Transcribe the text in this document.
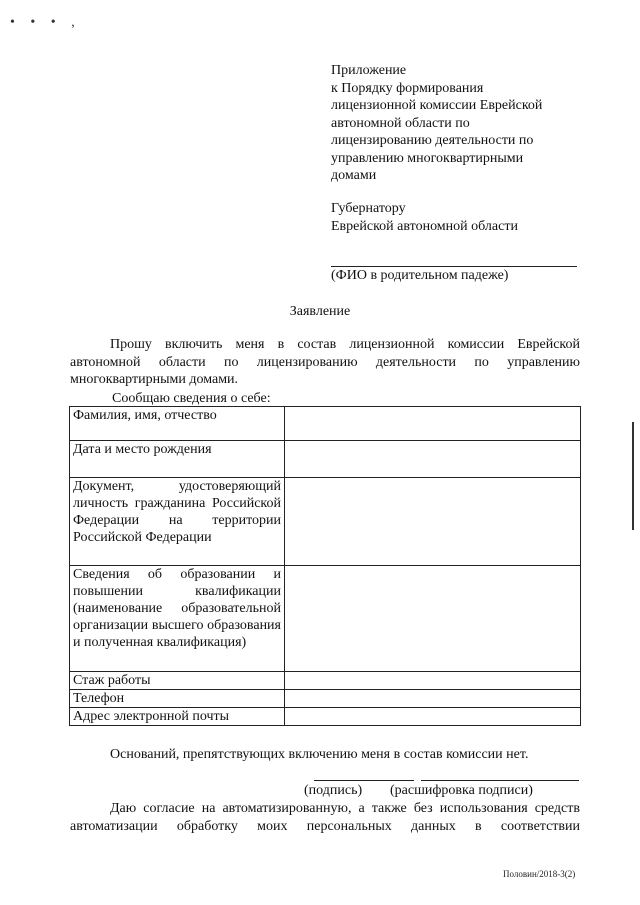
• • • ,
Приложение
к Порядку формирования
лицензионной комиссии Еврейской
автономной области по
лицензированию деятельности по
управлению многоквартирными
домами
Губернатору
Еврейской автономной области
(ФИО в родительном падеже)
Заявление
Прошу включить меня в состав лицензионной комиссии Еврейской автономной области по лицензированию деятельности по управлению многоквартирными домами.
Сообщаю сведения о себе:
Фамилия, имя, отчество	
Дата и место рождения	
Документ, удостоверяющий личность гражданина Российской Федерации на территории Российской Федерации	
Сведения об образовании и повышении квалификации (наименование образовательной организации высшего образования и полученная квалификация)	
Стаж работы	
Телефон	
Адрес электронной почты	
Оснований, препятствующих включению меня в состав комиссии нет.
(подпись) (расшифровка подписи)
Даю согласие на автоматизированную, а также без использования средств автоматизации обработку моих персональных данных в соответствии
Половин/2018-3(2)
